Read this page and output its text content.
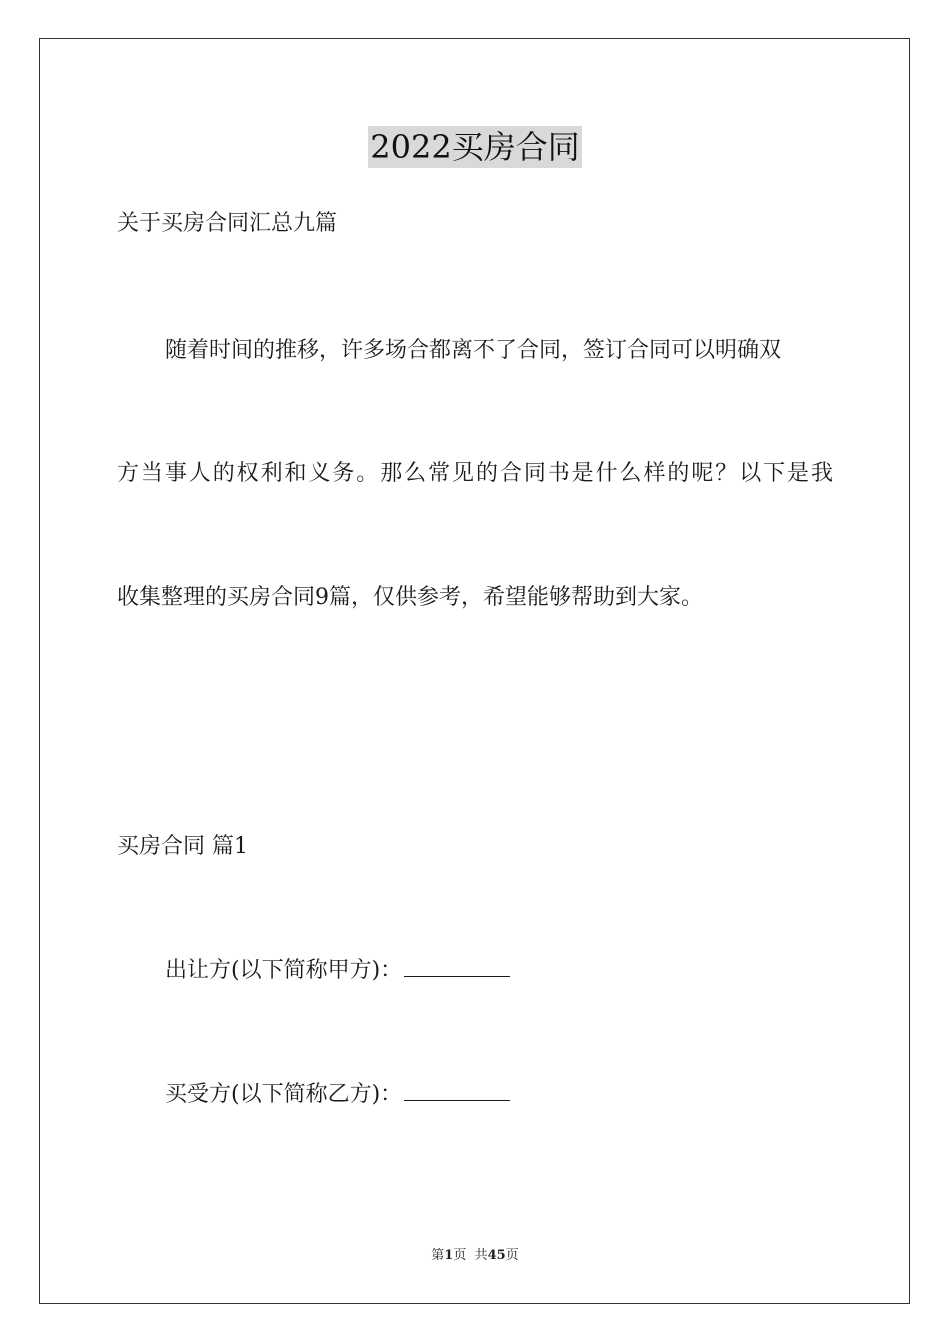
2022买房合同
关于买房合同汇总九篇
随着时间的推移，许多场合都离不了合同，签订合同可以明确双
方当事人的权利和义务。那么常见的合同书是什么样的呢？以下是我
收集整理的买房合同9篇，仅供参考，希望能够帮助到大家。
买房合同 篇1
出让方(以下简称甲方)：
买受方(以下简称乙方)：
第1页  共45页
